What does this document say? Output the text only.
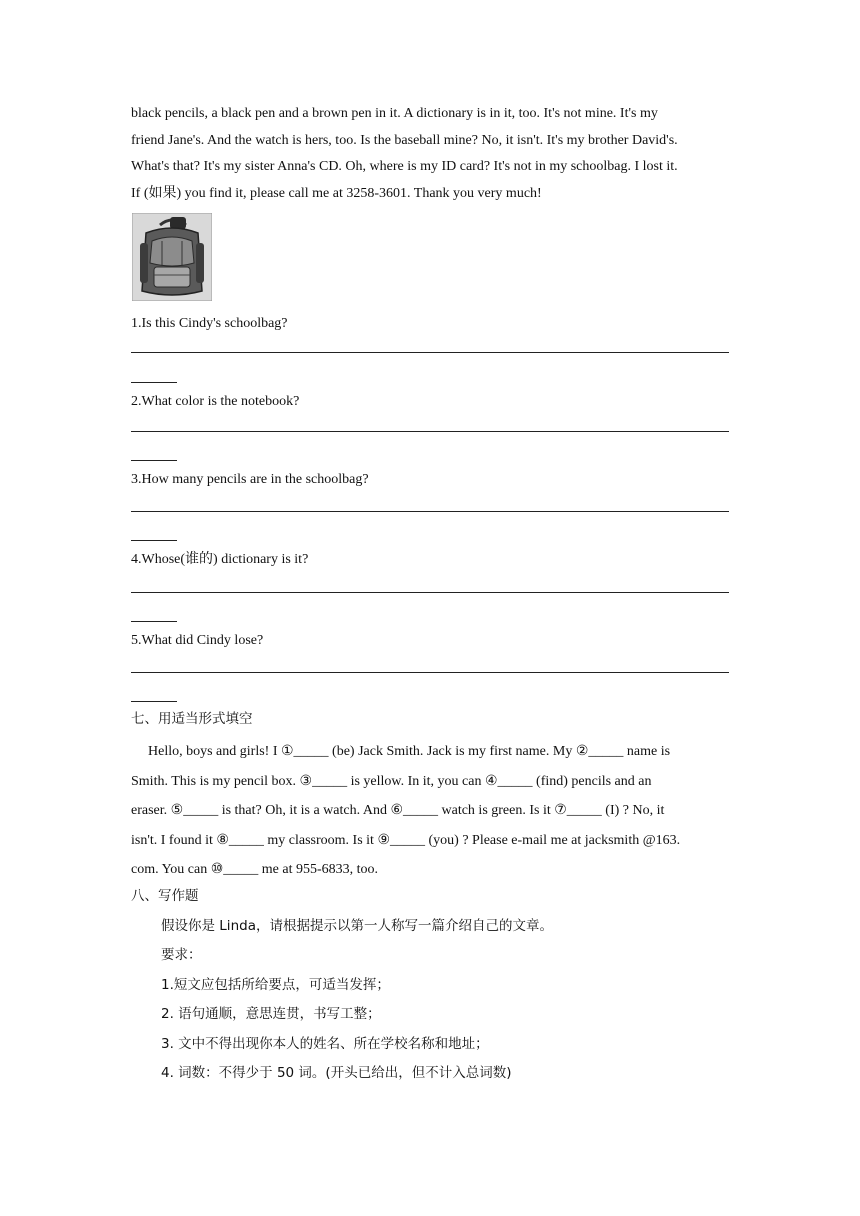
black pencils, a black pen and a brown pen in it. A dictionary is in it, too. It's not mine. It's my
friend Jane's. And the watch is hers, too. Is the baseball mine? No, it isn't. It's my brother David's.
What's that? It's my sister Anna's CD. Oh, where is my ID card? It's not in my schoolbag. I lost it.
If (如果) you find it, please call me at 3258-3601. Thank you very much!
1.Is this Cindy's schoolbag?
2.What color is the notebook?
3.How many pencils are in the schoolbag?
4.Whose(谁的) dictionary is it?
5.What did Cindy lose?
七、用适当形式填空
Hello, boys and girls! I ①_____ (be) Jack Smith. Jack is my first name. My ②_____ name is
Smith. This is my pencil box. ③_____ is yellow. In it, you can ④_____ (find) pencils and an
eraser. ⑤_____ is that? Oh, it is a watch. And ⑥_____ watch is green. Is it ⑦_____ (I) ? No, it
isn't. I found it ⑧_____ my classroom. Is it ⑨_____ (you) ? Please e-mail me at jacksmith @163.
com. You can ⑩_____ me at 955-6833, too.
八、写作题
假设你是 Linda，请根据提示以第一人称写一篇介绍自己的文章。
要求：
1.短文应包括所给要点，可适当发挥；
2. 语句通顺，意思连贯，书写工整；
3. 文中不得出现你本人的姓名、所在学校名称和地址；
4. 词数：不得少于 50 词。(开头已给出，但不计入总词数)
